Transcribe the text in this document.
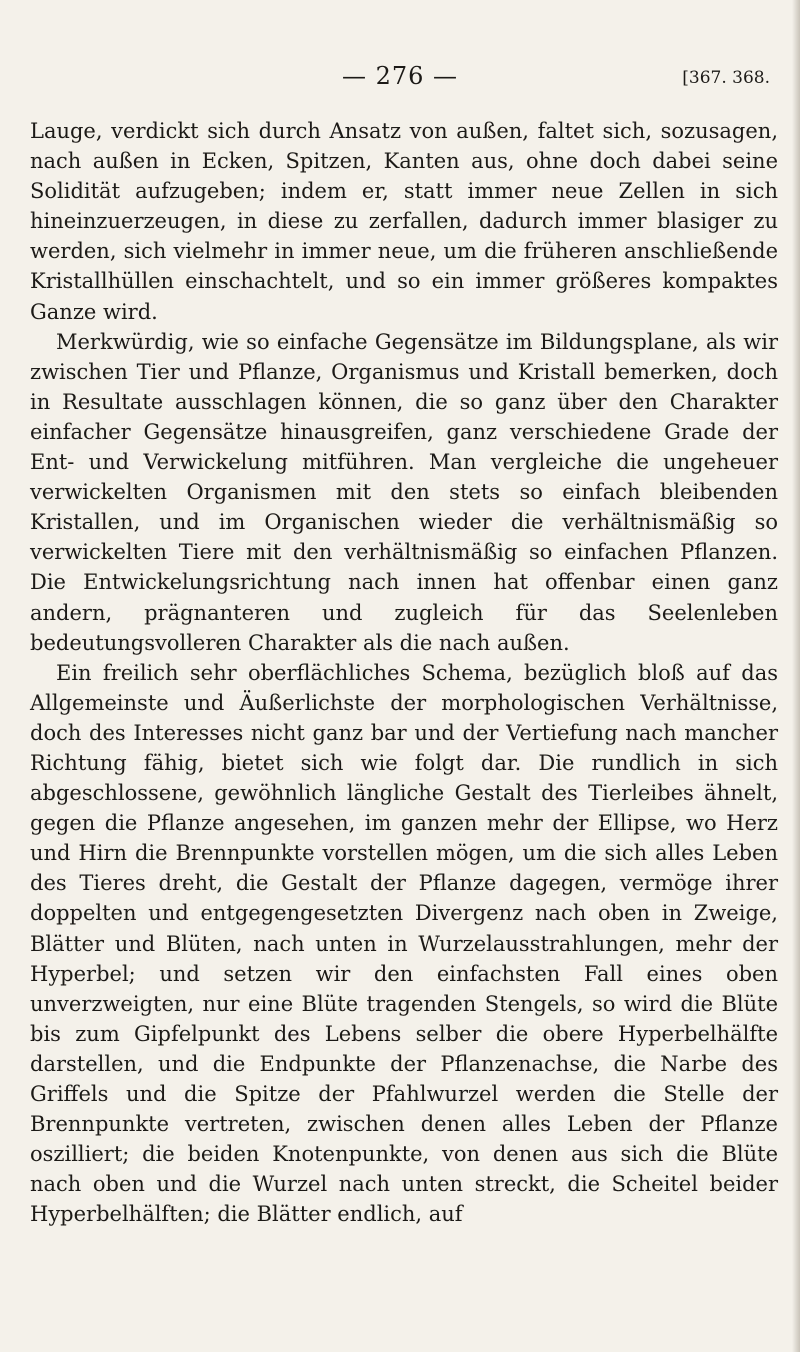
— 276 —	[367. 368.

Lauge, verdickt sich durch Ansatz von außen, faltet sich, sozusagen, nach außen in Ecken, Spitzen, Kanten aus, ohne doch dabei seine Solidität aufzugeben; indem er, statt immer neue Zellen in sich hineinzuerzeugen, in diese zu zerfallen, dadurch immer blasiger zu werden, sich vielmehr in immer neue, um die früheren anschließende Kristallhüllen einschachtelt, und so ein immer größeres kompaktes Ganze wird.

Merkwürdig, wie so einfache Gegensätze im Bildungsplane, als wir zwischen Tier und Pflanze, Organismus und Kristall bemerken, doch in Resultate ausschlagen können, die so ganz über den Charakter einfacher Gegensätze hinausgreifen, ganz verschiedene Grade der Ent- und Verwickelung mitführen. Man vergleiche die ungeheuer verwickelten Organismen mit den stets so einfach bleibenden Kristallen, und im Organischen wieder die verhältnismäßig so verwickelten Tiere mit den verhältnismäßig so einfachen Pflanzen. Die Entwickelungsrichtung nach innen hat offenbar einen ganz andern, prägnanteren und zugleich für das Seelenleben bedeutungsvolleren Charakter als die nach außen.

Ein freilich sehr oberflächliches Schema, bezüglich bloß auf das Allgemeinste und Äußerlichste der morphologischen Verhältnisse, doch des Interesses nicht ganz bar und der Vertiefung nach mancher Richtung fähig, bietet sich wie folgt dar. Die rundlich in sich abgeschlossene, gewöhnlich längliche Gestalt des Tierleibes ähnelt, gegen die Pflanze angesehen, im ganzen mehr der Ellipse, wo Herz und Hirn die Brennpunkte vorstellen mögen, um die sich alles Leben des Tieres dreht, die Gestalt der Pflanze dagegen, vermöge ihrer doppelten und entgegengesetzten Divergenz nach oben in Zweige, Blätter und Blüten, nach unten in Wurzelausstrahlungen, mehr der Hyperbel; und setzen wir den einfachsten Fall eines oben unverzweigten, nur eine Blüte tragenden Stengels, so wird die Blüte bis zum Gipfelpunkt des Lebens selber die obere Hyperbelhälfte darstellen, und die Endpunkte der Pflanzenachse, die Narbe des Griffels und die Spitze der Pfahlwurzel werden die Stelle der Brennpunkte vertreten, zwischen denen alles Leben der Pflanze oszilliert; die beiden Knotenpunkte, von denen aus sich die Blüte nach oben und die Wurzel nach unten streckt, die Scheitel beider Hyperbelhälften; die Blätter endlich, auf
